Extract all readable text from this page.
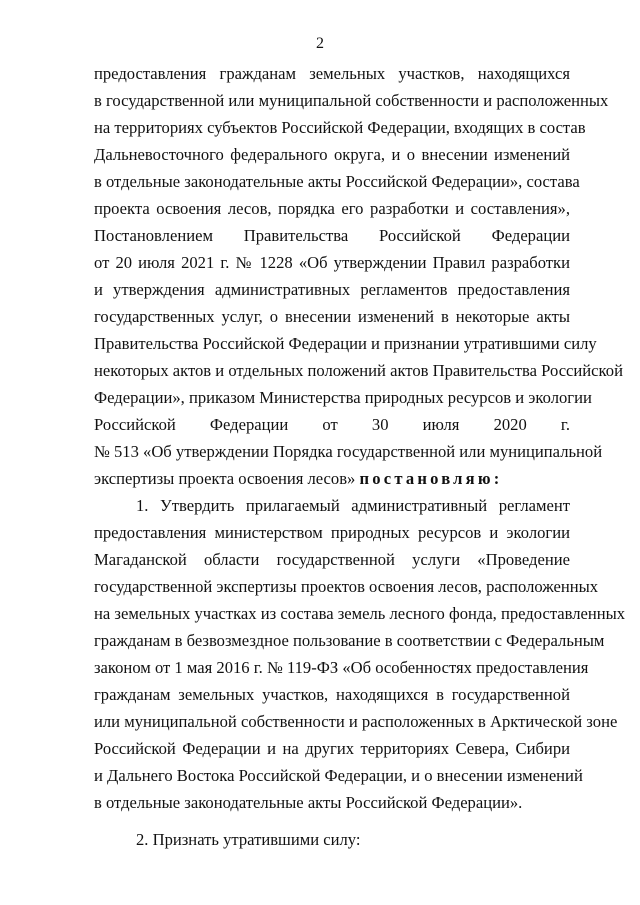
2
предоставления гражданам земельных участков, находящихся
в государственной или муниципальной собственности и расположенных
на территориях субъектов Российской Федерации, входящих в состав
Дальневосточного федерального округа, и о внесении изменений
в отдельные законодательные акты Российской Федерации», состава
проекта освоения лесов, порядка его разработки и составления»,
Постановлением Правительства Российской Федерации
от 20 июля 2021 г. № 1228 «Об утверждении Правил разработки
и утверждения административных регламентов предоставления
государственных услуг, о внесении изменений в некоторые акты
Правительства Российской Федерации и признании утратившими силу
некоторых актов и отдельных положений актов Правительства Российской
Федерации», приказом Министерства природных ресурсов и экологии
Российской Федерации от 30 июля 2020 г.
№ 513 «Об утверждении Порядка государственной или муниципальной
экспертизы проекта освоения лесов» постановляю:
1. Утвердить прилагаемый административный регламент
предоставления министерством природных ресурсов и экологии
Магаданской области государственной услуги «Проведение
государственной экспертизы проектов освоения лесов, расположенных
на земельных участках из состава земель лесного фонда, предоставленных
гражданам в безвозмездное пользование в соответствии с Федеральным
законом от 1 мая 2016 г. № 119-ФЗ «Об особенностях предоставления
гражданам земельных участков, находящихся в государственной
или муниципальной собственности и расположенных в Арктической зоне
Российской Федерации и на других территориях Севера, Сибири
и Дальнего Востока Российской Федерации, и о внесении изменений
в отдельные законодательные акты Российской Федерации».
2. Признать утратившими силу:
